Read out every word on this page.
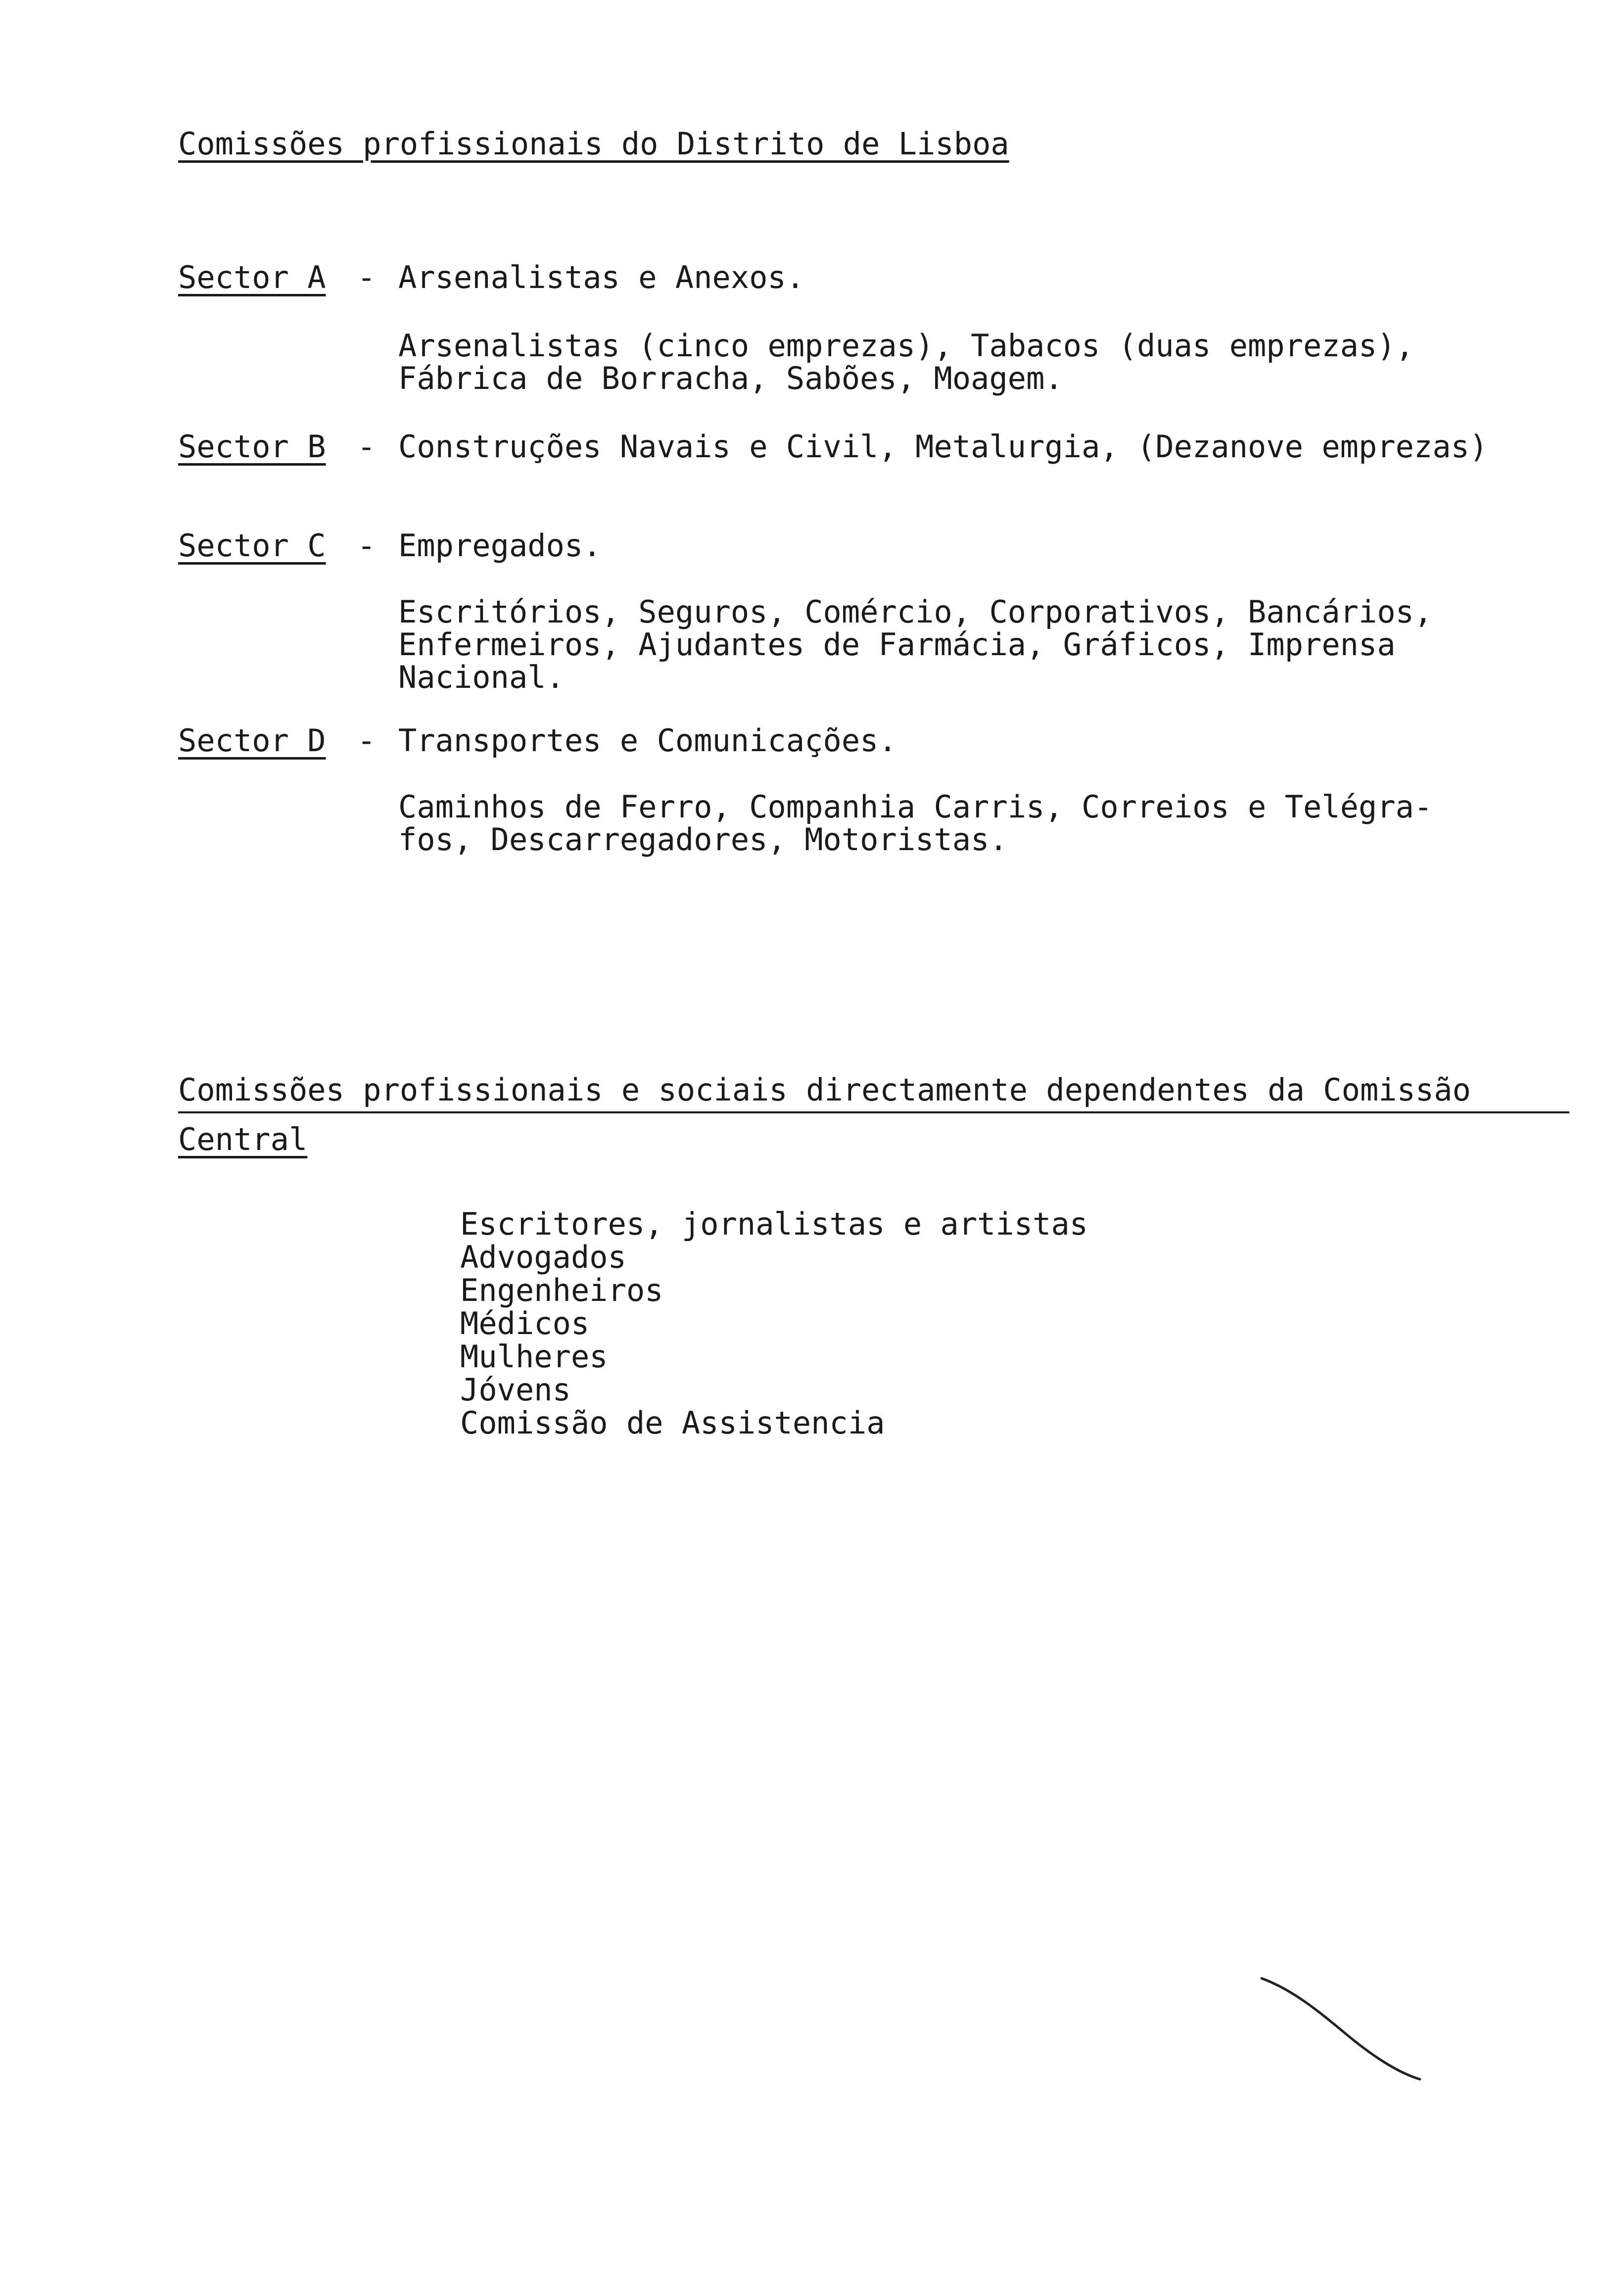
Comissões profissionais do Distrito de Lisboa
Sector A - Arsenalistas e Anexos.
Arsenalistas (cinco emprezas), Tabacos (duas emprezas),
Fábrica de Borracha, Sabões, Moagem.
Sector B - Construções Navais e Civil, Metalurgia, (Dezanove emprezas)
Sector C - Empregados.
Escritórios, Seguros, Comércio, Corporativos, Bancários,
Enfermeiros, Ajudantes de Farmácia, Gráficos, Imprensa
Nacional.
Sector D - Transportes e Comunicações.
Caminhos de Ferro, Companhia Carris, Correios e Telégra-
fos, Descarregadores, Motoristas.
Comissões profissionais e sociais directamente dependentes da Comissão
Central
Escritores, jornalistas e artistas
Advogados
Engenheiros
Médicos
Mulheres
Jóvens
Comissão de Assistencia
